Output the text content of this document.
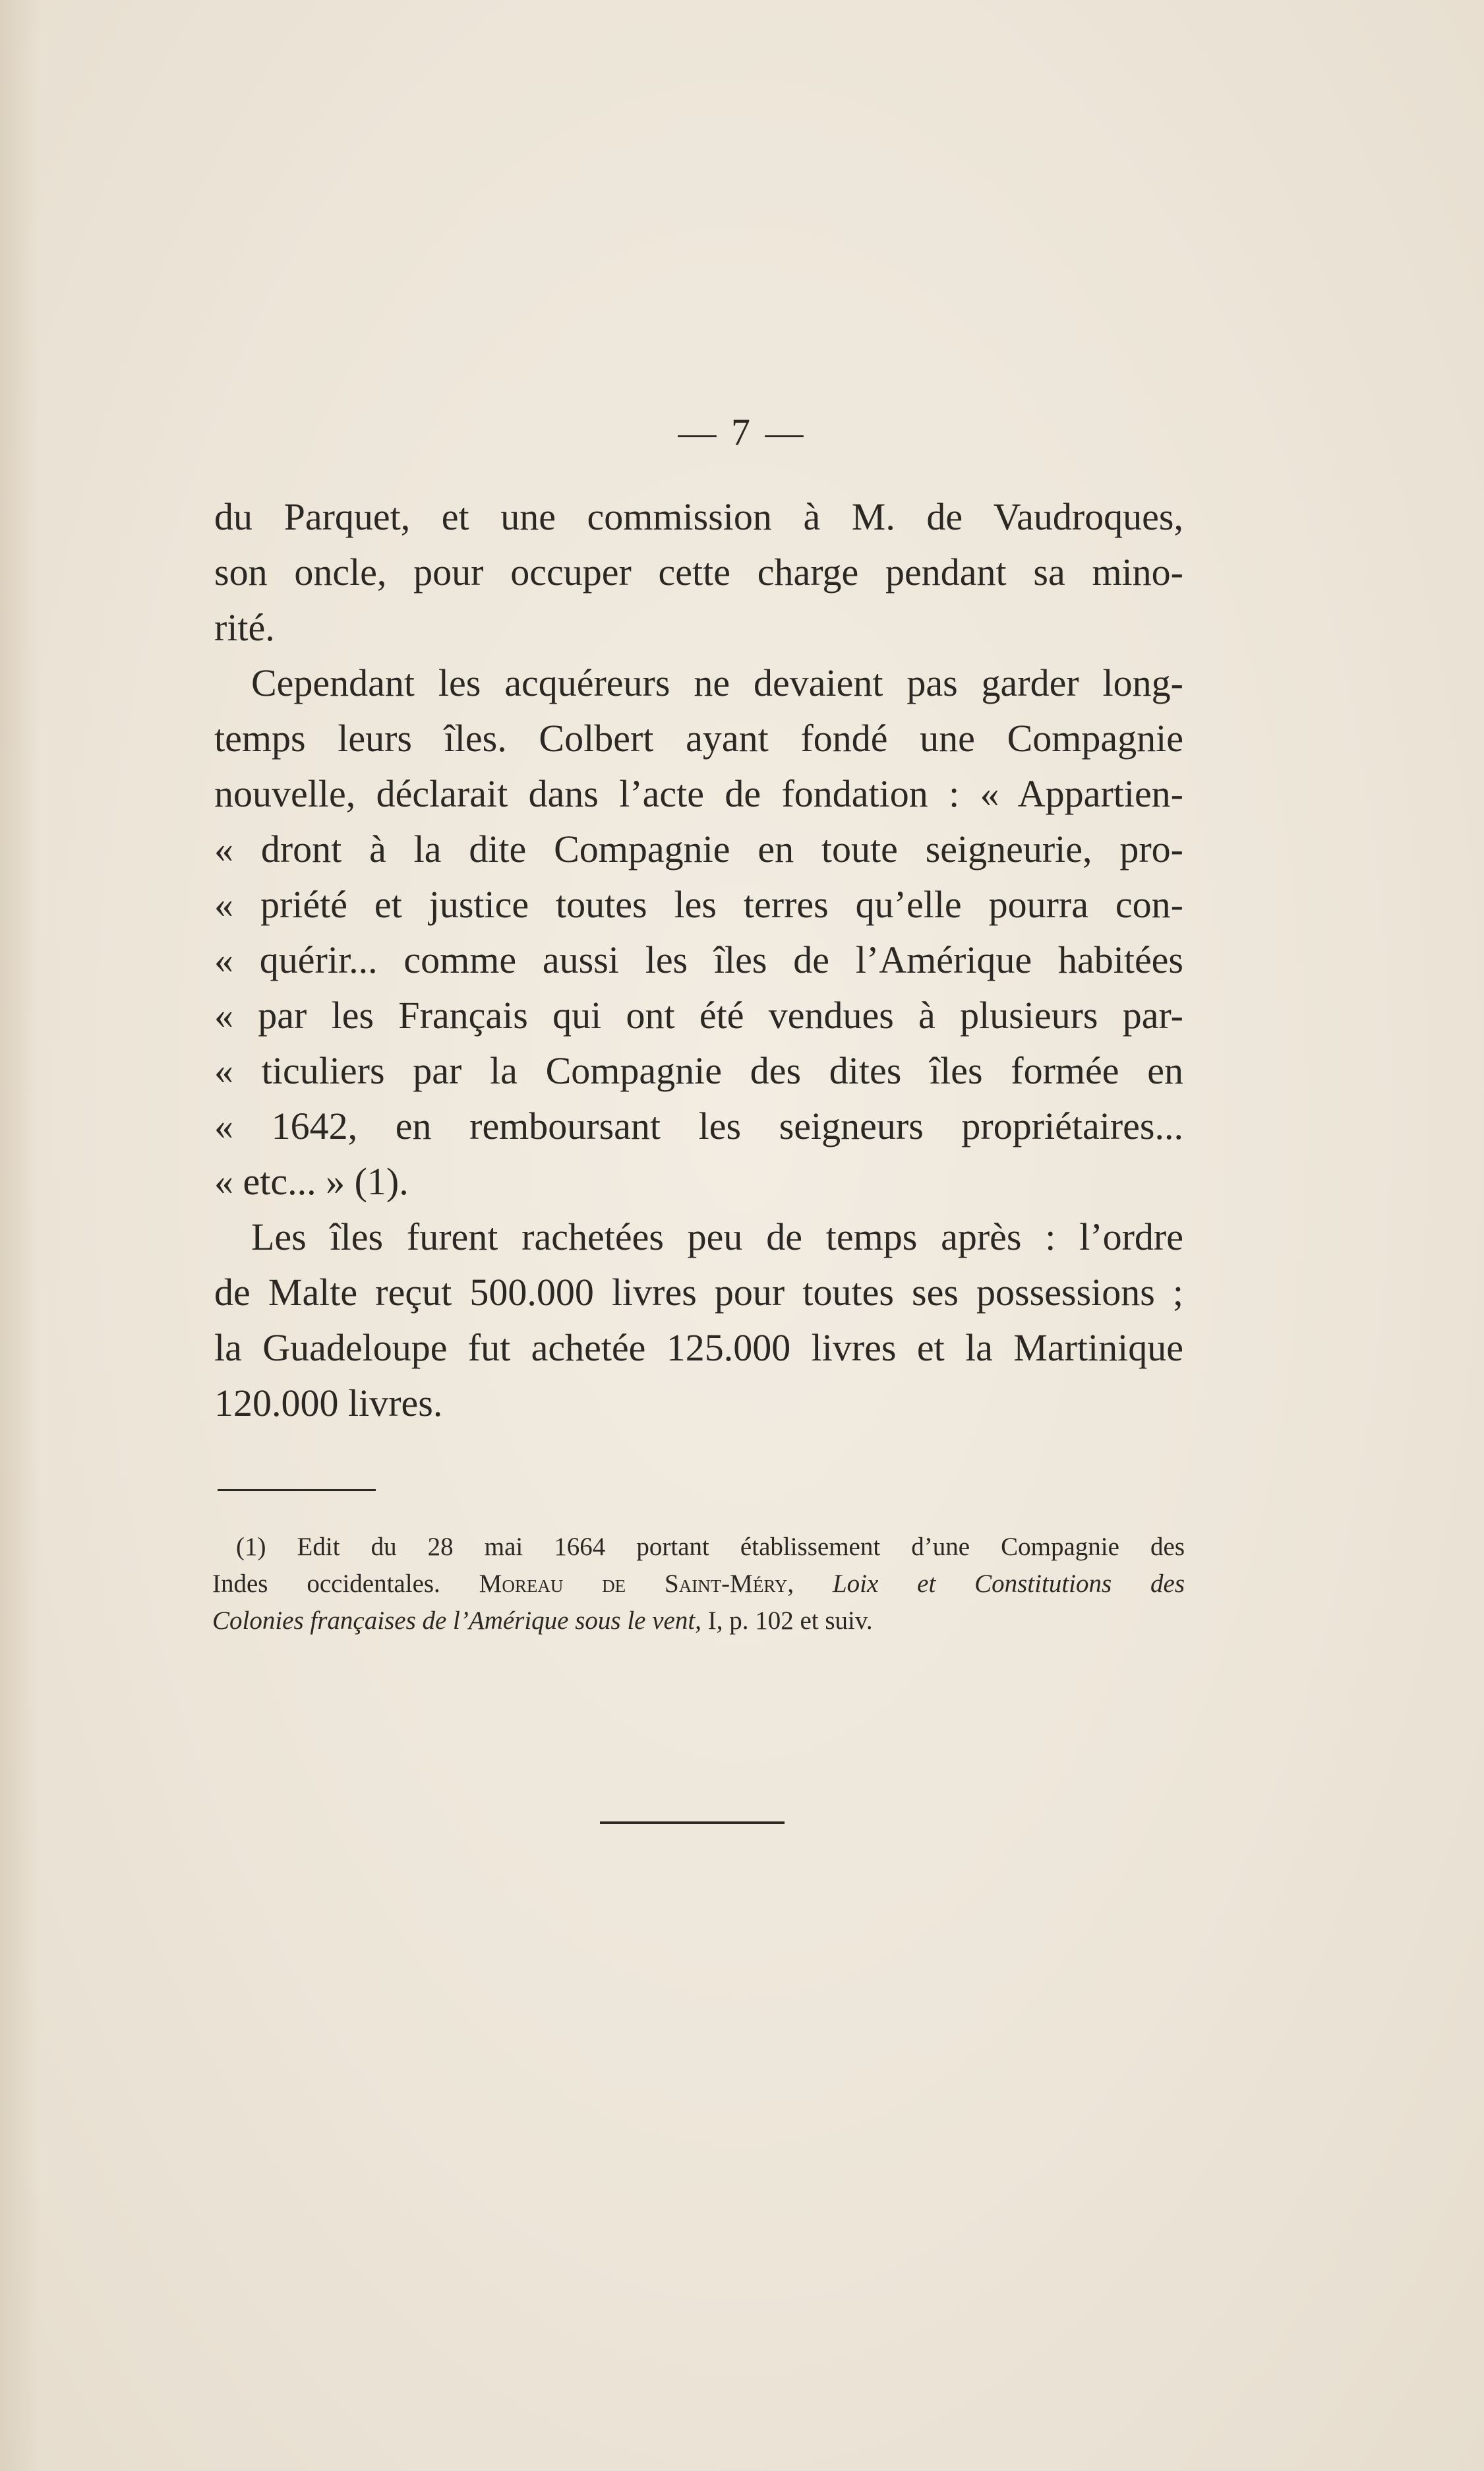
— 7 —
du Parquet, et une commission à M. de Vaudroques,
son oncle, pour occuper cette charge pendant sa mino-
rité.
Cependant les acquéreurs ne devaient pas garder long-
temps leurs îles. Colbert ayant fondé une Compagnie
nouvelle, déclarait dans l’acte de fondation : « Appartien-
« dront à la dite Compagnie en toute seigneurie, pro-
« priété et justice toutes les terres qu’elle pourra con-
« quérir... comme aussi les îles de l’Amérique habitées
« par les Français qui ont été vendues à plusieurs par-
« ticuliers par la Compagnie des dites îles formée en
« 1642, en remboursant les seigneurs propriétaires...
« etc... » (1).
Les îles furent rachetées peu de temps après : l’ordre
de Malte reçut 500.000 livres pour toutes ses possessions ;
la Guadeloupe fut achetée 125.000 livres et la Martinique
120.000 livres.
(1) Edit du 28 mai 1664 portant établissement d’une Compagnie des
Indes occidentales. Moreau de Saint-Méry, Loix et Constitutions des
Colonies françaises de l’Amérique sous le vent, I, p. 102 et suiv.
